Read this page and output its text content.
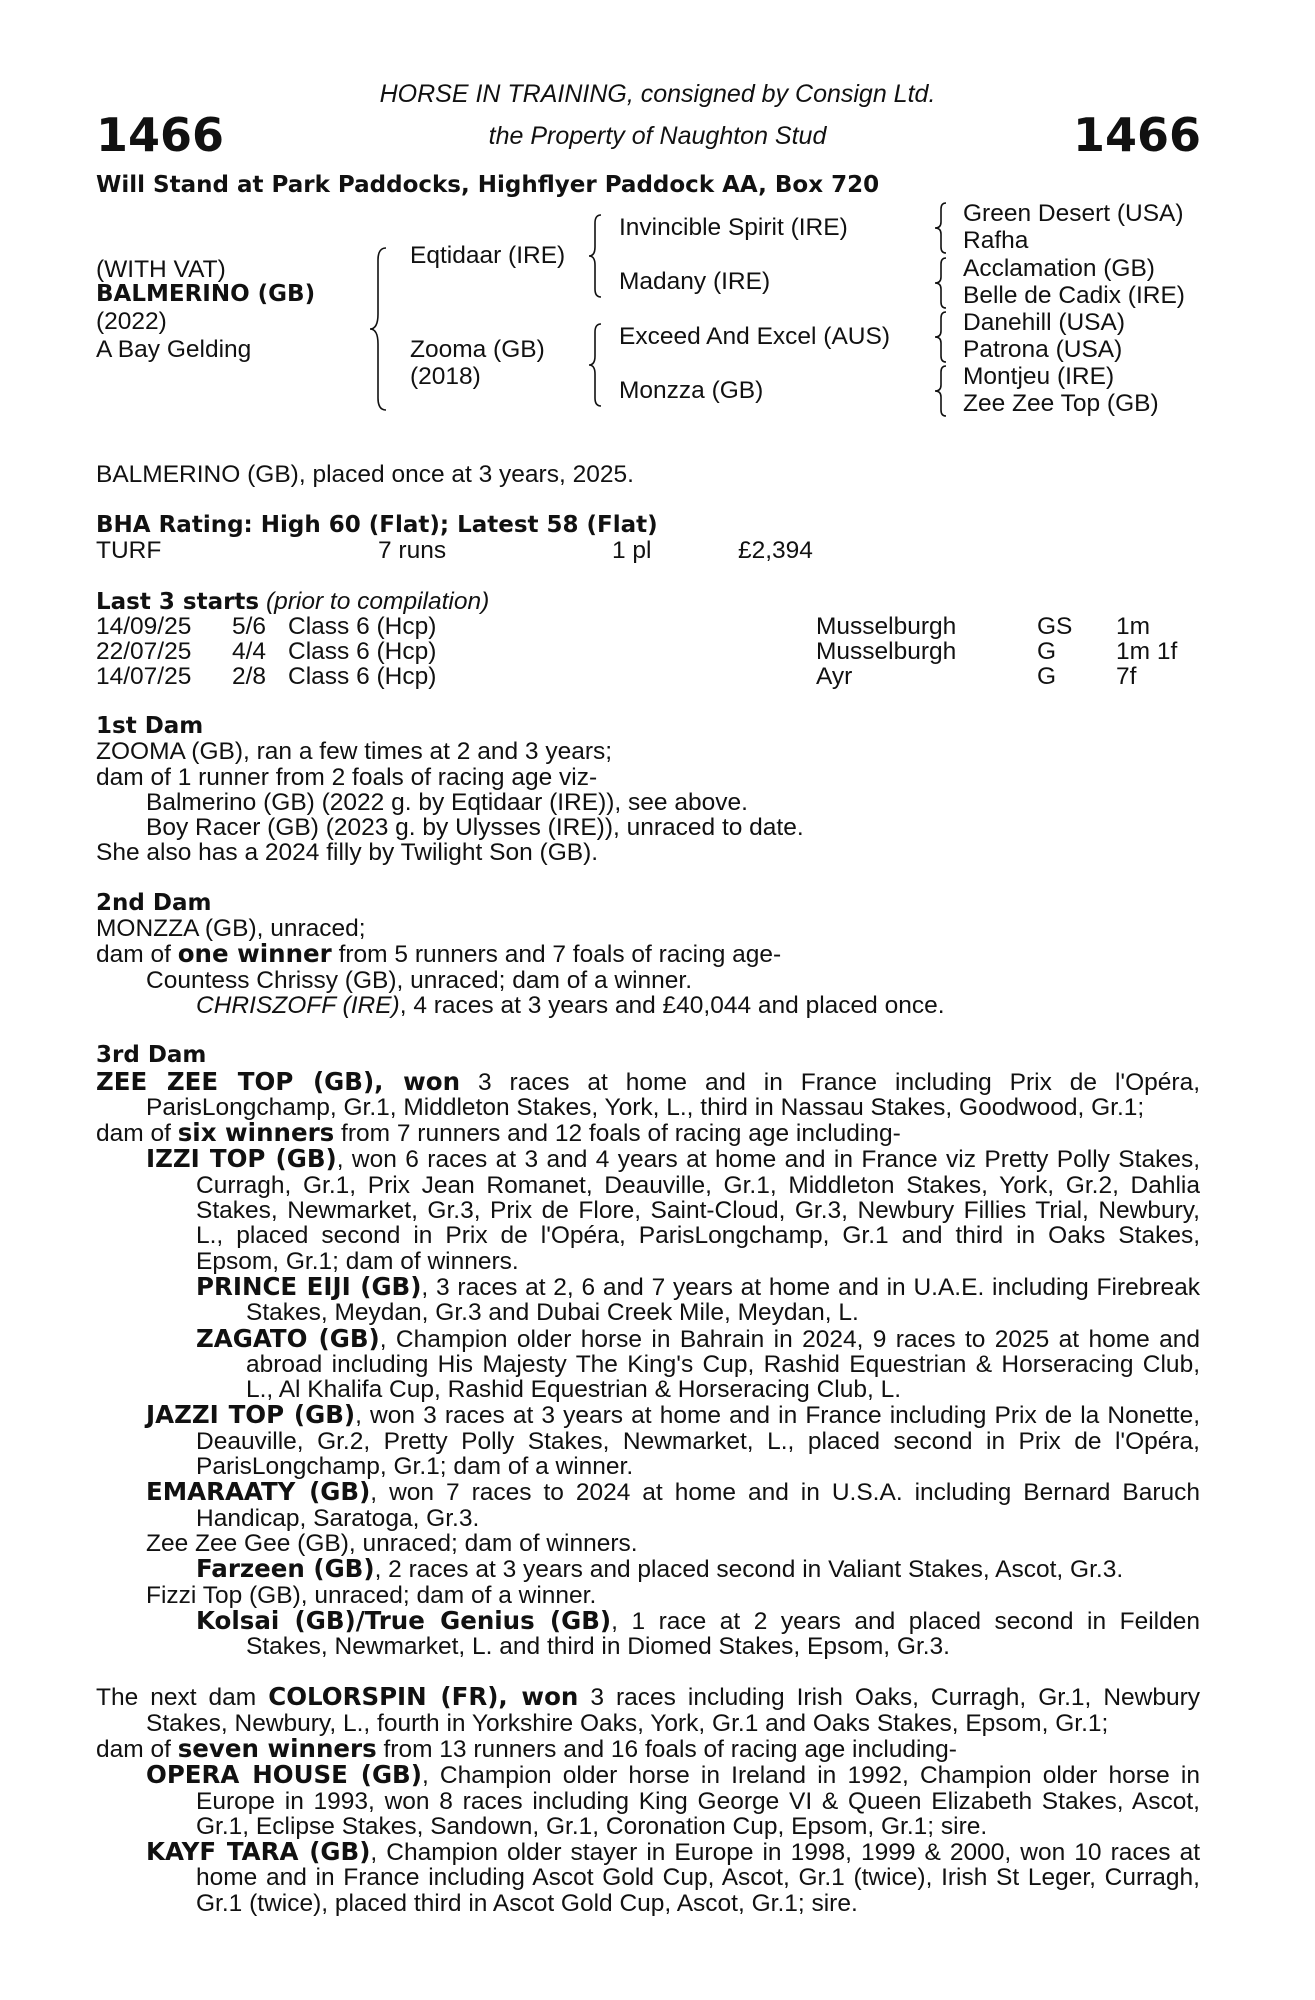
1466	1466
HORSE IN TRAINING, consigned by Consign Ltd.
the Property of Naughton Stud
Will Stand at Park Paddocks, Highflyer Paddock AA, Box 720
(WITH VAT)
BALMERINO (GB)
(2022)
A Bay Gelding
Eqtidaar (IRE)
Zooma (GB)
(2018)
Invincible Spirit (IRE)
Madany (IRE)
Exceed And Excel (AUS)
Monzza (GB)
Green Desert (USA)
Rafha
Acclamation (GB)
Belle de Cadix (IRE)
Danehill (USA)
Patrona (USA)
Montjeu (IRE)
Zee Zee Top (GB)
BALMERINO (GB), placed once at 3 years, 2025.
BHA Rating: High 60 (Flat); Latest 58 (Flat)
TURF	7 runs	1 pl	£2,394
Last 3 starts (prior to compilation)
14/09/25 5/6 Class 6 (Hcp)	Musselburgh	GS 1m
22/07/25 4/4 Class 6 (Hcp)	Musselburgh	G 1m 1f
14/07/25 2/8 Class 6 (Hcp)	Ayr	G 7f

1st Dam

ZOOMA (GB), ran a few times at 2 and 3 years;

dam of 1 runner from 2 foals of racing age viz-

Balmerino (GB) (2022 g. by Eqtidaar (IRE)), see above.

Boy Racer (GB) (2023 g. by Ulysses (IRE)), unraced to date.

She also has a 2024 filly by Twilight Son (GB).

2nd Dam

MONZZA (GB), unraced;

dam of one winner from 5 runners and 7 foals of racing age-

Countess Chrissy (GB), unraced; dam of a winner.

CHRISZOFF (IRE), 4 races at 3 years and £40,044 and placed once.

3rd Dam

ZEE ZEE TOP (GB), won 3 races at home and in France including Prix de l'Opéra, ParisLongchamp, Gr.1, Middleton Stakes, York, L., third in Nassau Stakes, Goodwood, Gr.1;

dam of six winners from 7 runners and 12 foals of racing age including-

IZZI TOP (GB), won 6 races at 3 and 4 years at home and in France viz Pretty Polly Stakes, Curragh, Gr.1, Prix Jean Romanet, Deauville, Gr.1, Middleton Stakes, York, Gr.2, Dahlia Stakes, Newmarket, Gr.3, Prix de Flore, Saint-Cloud, Gr.3, Newbury Fillies Trial, Newbury, L., placed second in Prix de l'Opéra, ParisLongchamp, Gr.1 and third in Oaks Stakes, Epsom, Gr.1; dam of winners.

PRINCE EIJI (GB), 3 races at 2, 6 and 7 years at home and in U.A.E. including Firebreak Stakes, Meydan, Gr.3 and Dubai Creek Mile, Meydan, L.

ZAGATO (GB), Champion older horse in Bahrain in 2024, 9 races to 2025 at home and abroad including His Majesty The King's Cup, Rashid Equestrian & Horseracing Club, L., Al Khalifa Cup, Rashid Equestrian & Horseracing Club, L.

JAZZI TOP (GB), won 3 races at 3 years at home and in France including Prix de la Nonette, Deauville, Gr.2, Pretty Polly Stakes, Newmarket, L., placed second in Prix de l'Opéra, ParisLongchamp, Gr.1; dam of a winner.

EMARAATY (GB), won 7 races to 2024 at home and in U.S.A. including Bernard Baruch Handicap, Saratoga, Gr.3.

Zee Zee Gee (GB), unraced; dam of winners.

Farzeen (GB), 2 races at 3 years and placed second in Valiant Stakes, Ascot, Gr.3.

Fizzi Top (GB), unraced; dam of a winner.

Kolsai (GB)/True Genius (GB), 1 race at 2 years and placed second in Feilden Stakes, Newmarket, L. and third in Diomed Stakes, Epsom, Gr.3.

The next dam COLORSPIN (FR), won 3 races including Irish Oaks, Curragh, Gr.1, Newbury Stakes, Newbury, L., fourth in Yorkshire Oaks, York, Gr.1 and Oaks Stakes, Epsom, Gr.1;

dam of seven winners from 13 runners and 16 foals of racing age including-

OPERA HOUSE (GB), Champion older horse in Ireland in 1992, Champion older horse in Europe in 1993, won 8 races including King George VI & Queen Elizabeth Stakes, Ascot, Gr.1, Eclipse Stakes, Sandown, Gr.1, Coronation Cup, Epsom, Gr.1; sire.

KAYF TARA (GB), Champion older stayer in Europe in 1998, 1999 & 2000, won 10 races at home and in France including Ascot Gold Cup, Ascot, Gr.1 (twice), Irish St Leger, Curragh, Gr.1 (twice), placed third in Ascot Gold Cup, Ascot, Gr.1; sire.
